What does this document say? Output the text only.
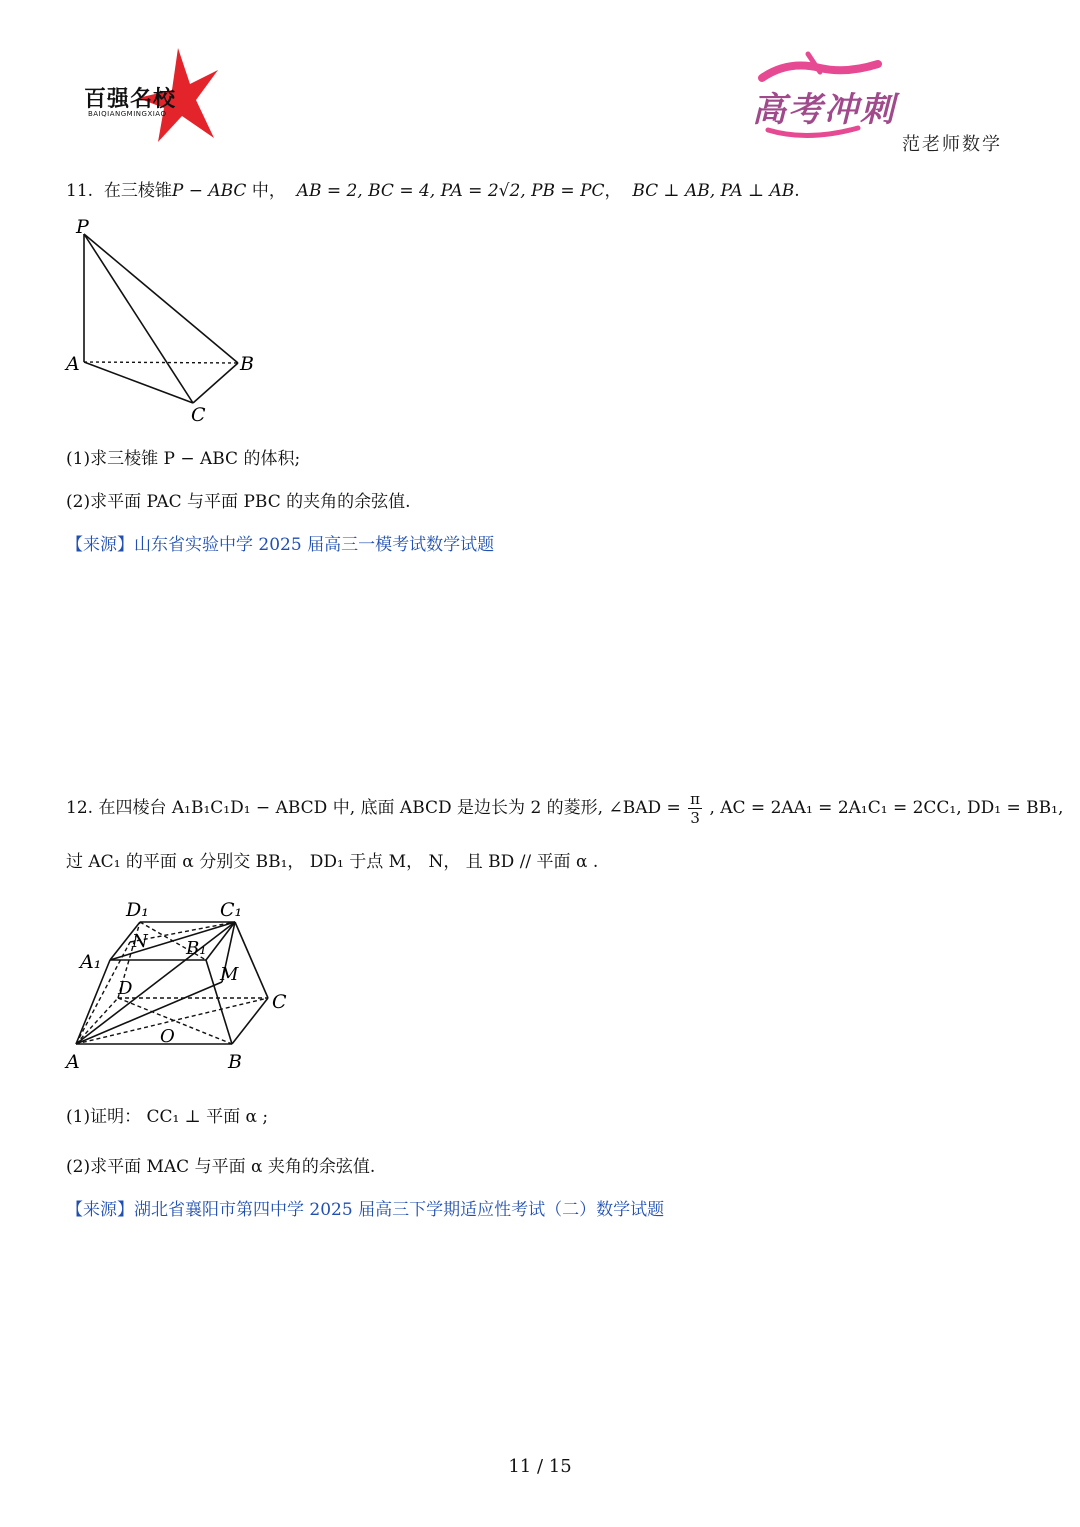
百强名校
BAIQIANGMINGXIAO	高考冲刺
范老师数学
11. 在三棱锥P − ABC 中， AB = 2, BC = 4, PA = 2√2, PB = PC， BC ⊥ AB, PA ⊥ AB.
P
A	B
C
(1)求三棱锥 P − ABC 的体积;
(2)求平面 PAC 与平面 PBC 的夹角的余弦值.
【来源】山东省实验中学 2025 届高三一模考试数学试题
12. 在四棱台 A₁B₁C₁D₁ − ABCD 中, 底面 ABCD 是边长为 2 的菱形, ∠BAD = $\frac{\pi}{3}$ , AC = 2AA₁ = 2A₁C₁ = 2CC₁, DD₁ = BB₁,
过 AC₁ 的平面 α 分别交 BB₁， DD₁ 于点 M， N， 且 BD // 平面 α .
D₁	C₁
N B₁
A₁
M
D
C
O
A	B
(1)证明： CC₁ ⊥ 平面 α ;
(2)求平面 MAC 与平面 α 夹角的余弦值.
【来源】湖北省襄阳市第四中学 2025 届高三下学期适应性考试（二）数学试题
11 / 15
